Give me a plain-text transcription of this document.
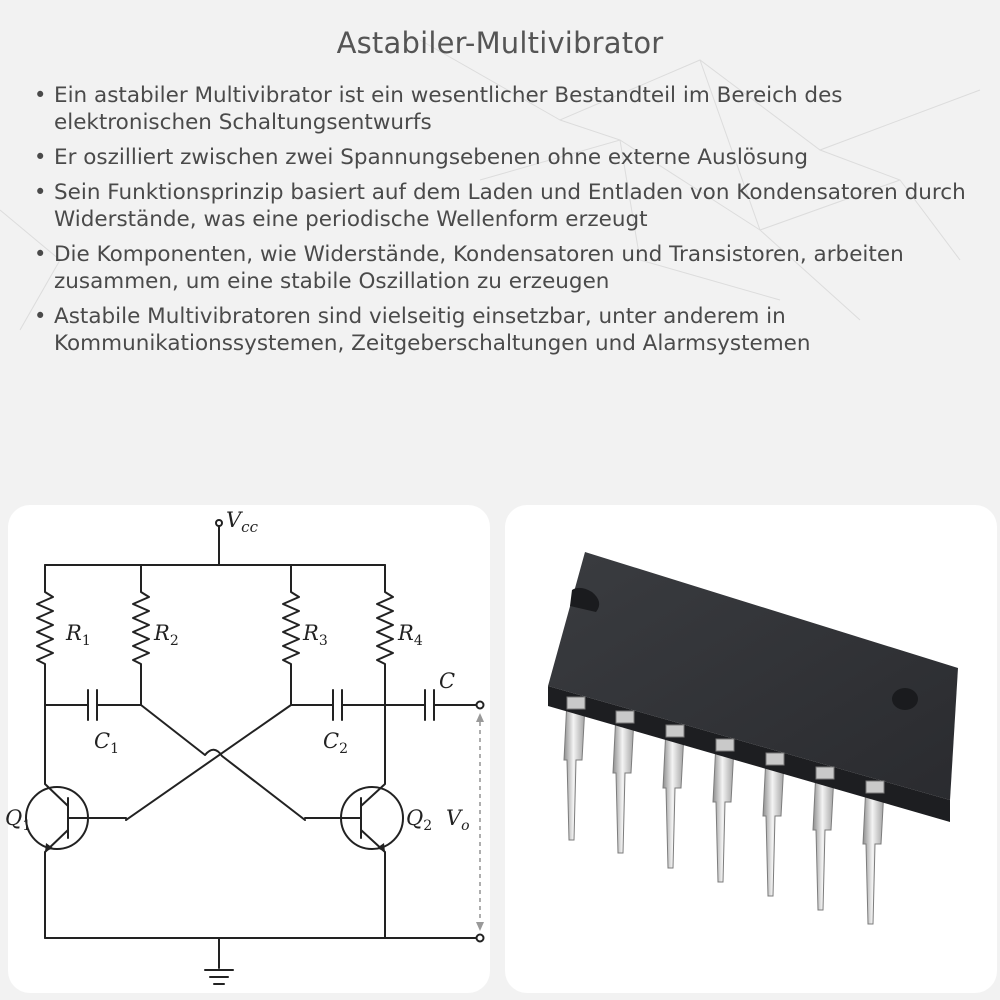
Astabiler-Multivibrator
• Ein astabiler Multivibrator ist ein wesentlicher Bestandteil im Bereich des elektronischen Schaltungsentwurfs
• Er oszilliert zwischen zwei Spannungsebenen ohne externe Auslösung
• Sein Funktionsprinzip basiert auf dem Laden und Entladen von Kondensatoren durch Widerstände, was eine periodische Wellenform erzeugt
• Die Komponenten, wie Widerstände, Kondensatoren und Transistoren, arbeiten zusammen, um eine stabile Oszillation zu erzeugen
• Astabile Multivibratoren sind vielseitig einsetzbar, unter anderem in Kommunikationssystemen, Zeitgeberschaltungen und Alarmsystemen
$V_{cc}$
$R_1$	$R_2$	$R_3$	$R_4$
$C_1$	$C_2$
C
$Q_1$	$Q_2$ $V_o$
